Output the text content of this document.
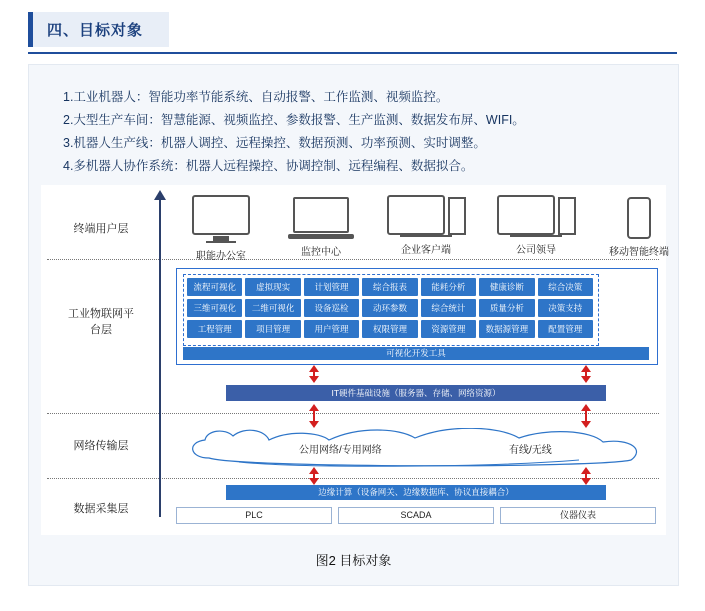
四、目标对象
1.工业机器人：智能功率节能系统、自动报警、工作监测、视频监控。
2.大型生产车间：智慧能源、视频监控、参数报警、生产监测、数据发布屏、WIFI。
3.机器人生产线：机器人调控、远程操控、数据预测、功率预测、实时调整。
4.多机器人协作系统：机器人远程操控、协调控制、远程编程、数据拟合。
终端用户层
工业物联网平
台层
网络传输层
数据采集层
职能办公室	监控中心	企业客户端	公司领导	移动智能终端
流程可视化	虚拟现实	计划管理	综合报表	能耗分析	健康诊断	综合决策
三维可视化	二维可视化	设备巡检	动环参数	综合统计	质量分析	决策支持
工程管理	项目管理	用户管理	权限管理	资源管理	数据源管理	配置管理
可视化开发工具
IT硬件基础设施（服务器、存储、网络资源）
公用网络/专用网络	有线/无线
边缘计算（设备网关、边缘数据库、协议直接耦合）
PLC	SCADA	仪器仪表
图2 目标对象
